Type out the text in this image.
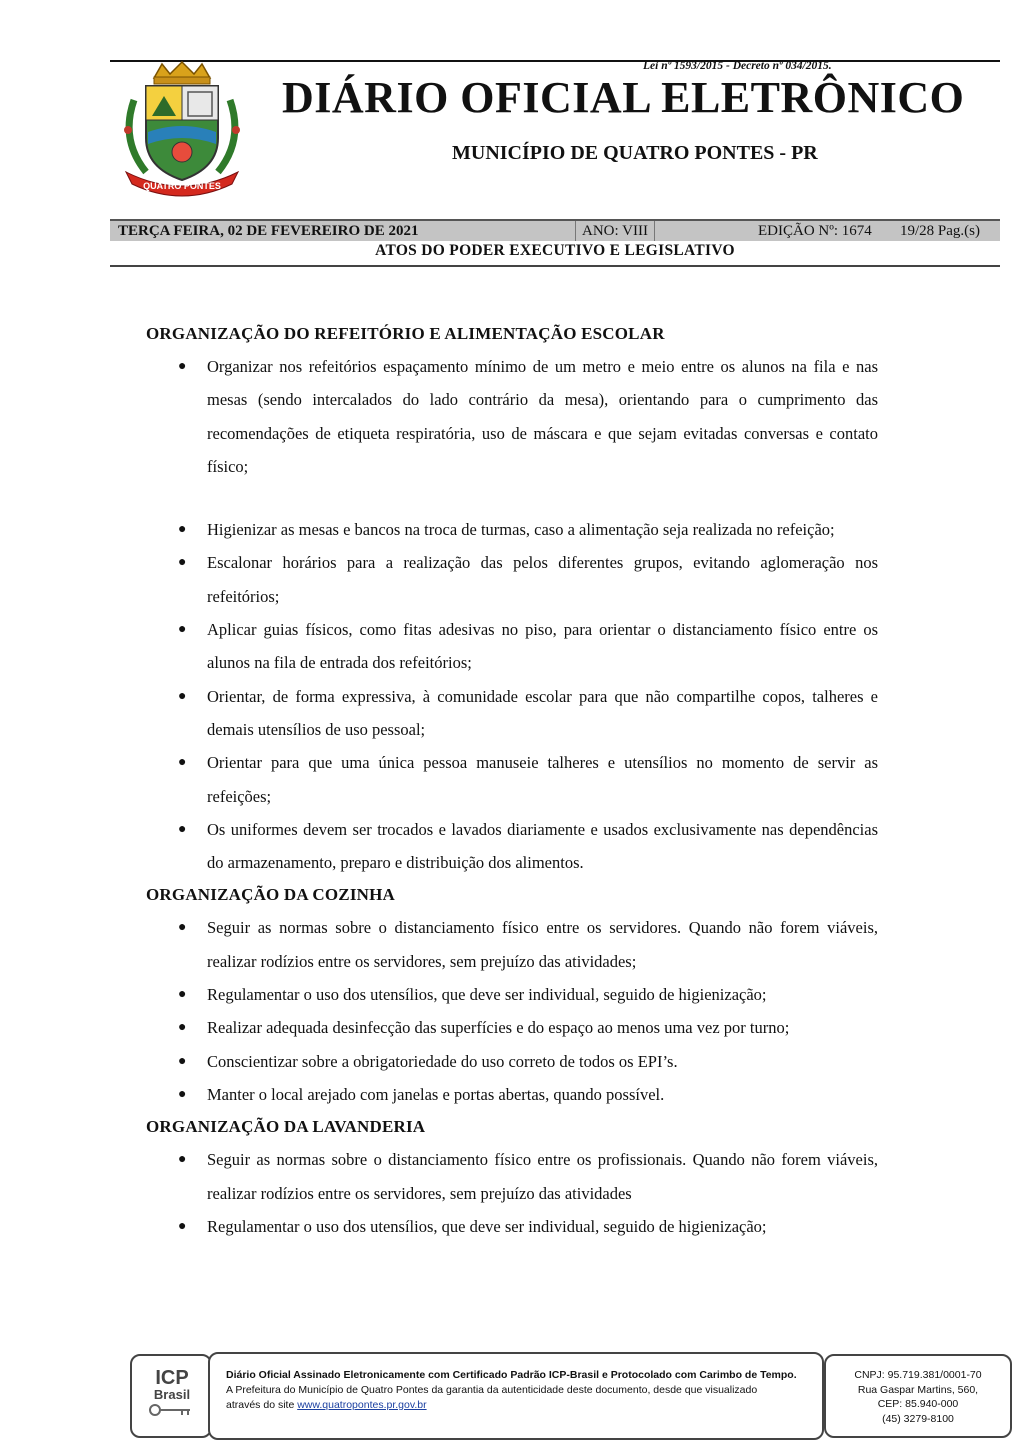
Lei nº 1593/2015 - Decreto nº 034/2015.
QUATRO PONTES
DIÁRIO OFICIAL ELETRÔNICO
MUNICÍPIO DE QUATRO PONTES - PR
TERÇA FEIRA, 02 DE FEVEREIRO DE 2021	ANO: VIII	EDIÇÃO Nº: 1674 19/28 Pag.(s)
ATOS DO PODER EXECUTIVO E LEGISLATIVO
ORGANIZAÇÃO DO REFEITÓRIO E ALIMENTAÇÃO ESCOLAR
● Organizar nos refeitórios espaçamento mínimo de um metro e meio entre os alunos na fila e nas mesas (sendo intercalados do lado contrário da mesa), orientando para o cumprimento das recomendações de etiqueta respiratória, uso de máscara e que sejam evitadas conversas e contato físico;
● Higienizar as mesas e bancos na troca de turmas, caso a alimentação seja realizada no refeição;
● Escalonar horários para a realização das pelos diferentes grupos, evitando aglomeração nos refeitórios;
● Aplicar guias físicos, como fitas adesivas no piso, para orientar o distanciamento físico entre os alunos na fila de entrada dos refeitórios;
● Orientar, de forma expressiva, à comunidade escolar para que não compartilhe copos, talheres e demais utensílios de uso pessoal;
● Orientar para que uma única pessoa manuseie talheres e utensílios no momento de servir as refeições;
● Os uniformes devem ser trocados e lavados diariamente e usados exclusivamente nas dependências do armazenamento, preparo e distribuição dos alimentos.
ORGANIZAÇÃO DA COZINHA
● Seguir as normas sobre o distanciamento físico entre os servidores. Quando não forem viáveis, realizar rodízios entre os servidores, sem prejuízo das atividades;
● Regulamentar o uso dos utensílios, que deve ser individual, seguido de higienização;
● Realizar adequada desinfecção das superfícies e do espaço ao menos uma vez por turno;
● Conscientizar sobre a obrigatoriedade do uso correto de todos os EPI’s.
● Manter o local arejado com janelas e portas abertas, quando possível.
ORGANIZAÇÃO DA LAVANDERIA
● Seguir as normas sobre o distanciamento físico entre os profissionais. Quando não forem viáveis, realizar rodízios entre os servidores, sem prejuízo das atividades
● Regulamentar o uso dos utensílios, que deve ser individual, seguido de higienização;
ICP
Brasil
Diário Oficial Assinado Eletronicamente com Certificado Padrão ICP-Brasil e Protocolado com Carimbo de Tempo.
A Prefeitura do Município de Quatro Pontes da garantia da autenticidade deste documento, desde que visualizado
através do site www.quatropontes.pr.gov.br
CNPJ: 95.719.381/0001-70
Rua Gaspar Martins, 560,
CEP: 85.940-000
(45) 3279-8100
